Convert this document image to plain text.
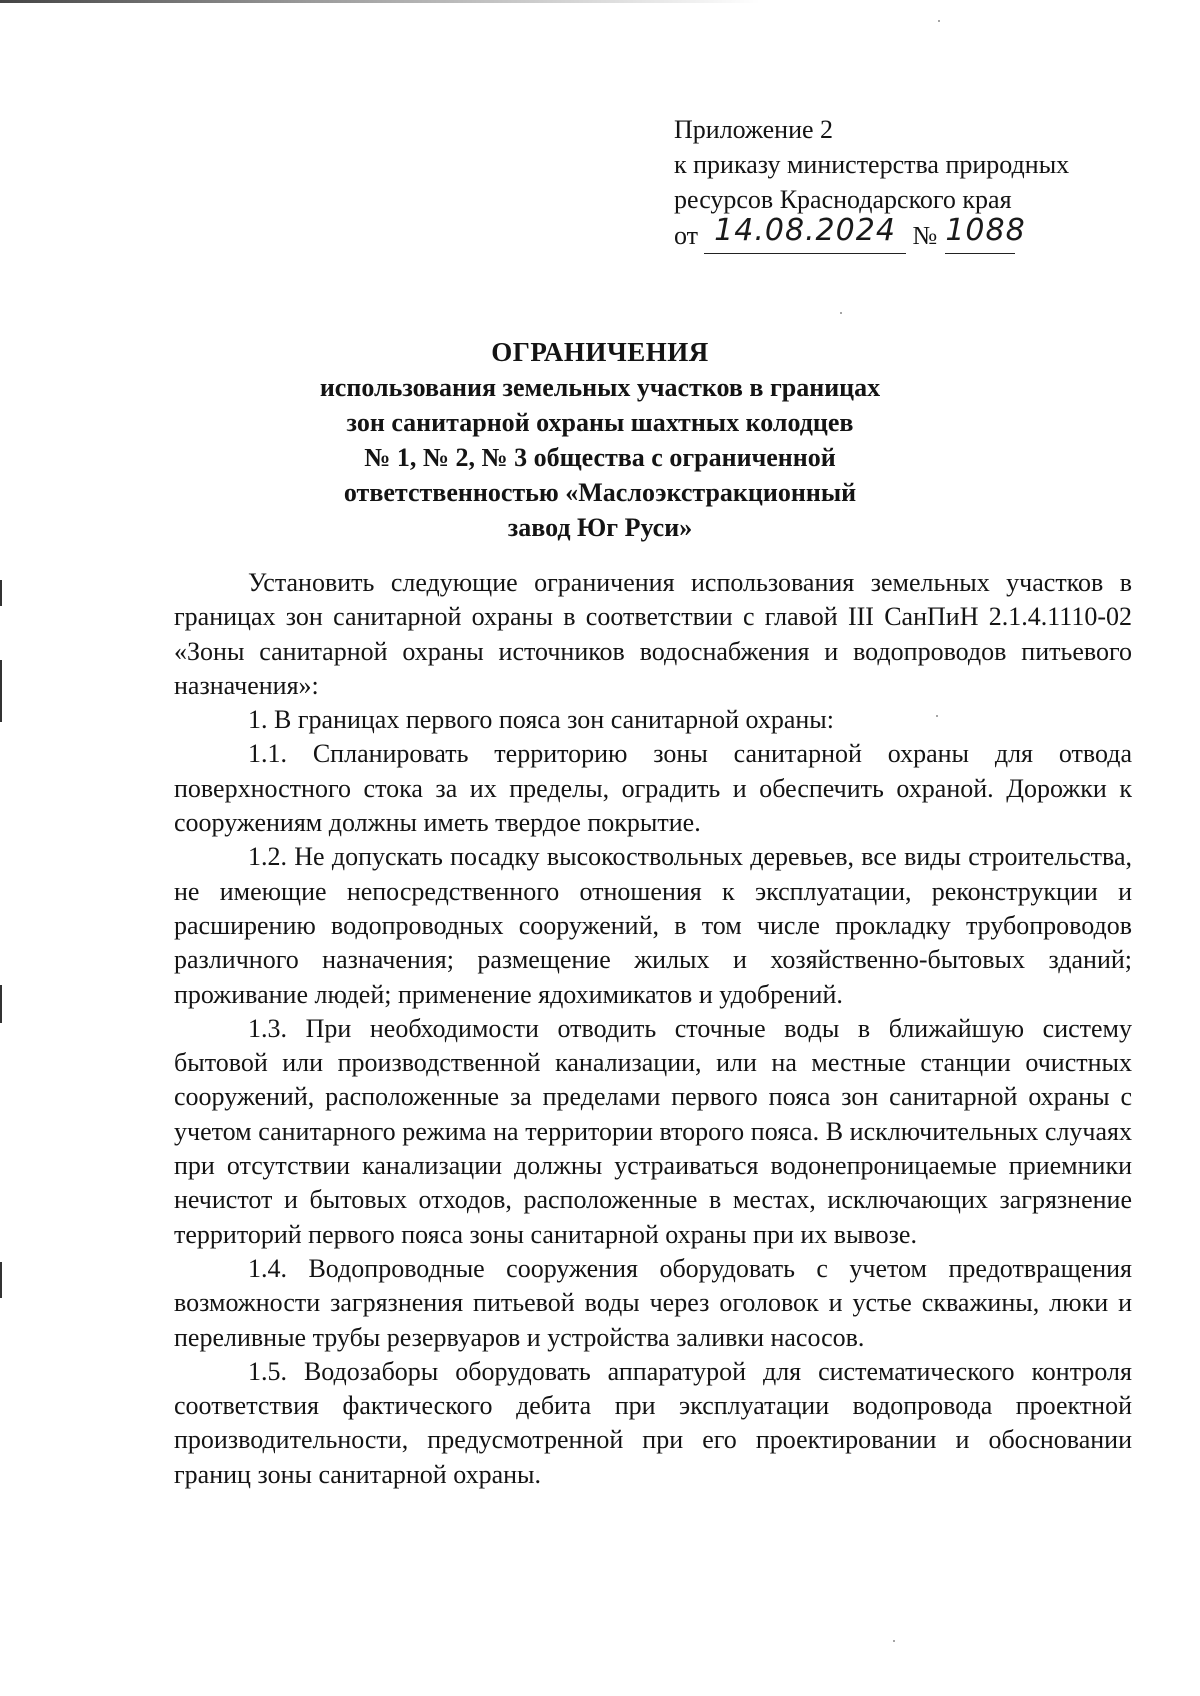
Приложение 2
к приказу министерства природных
ресурсов Краснодарского края
от 14.08.2024 № 1088
ОГРАНИЧЕНИЯ
использования земельных участков в границах
зон санитарной охраны шахтных колодцев
№ 1, № 2, № 3 общества с ограниченной
ответственностью «Маслоэкстракционный
завод Юг Руси»

Установить следующие ограничения использования земельных участков в границах зон санитарной охраны в соответствии с главой III СанПиН 2.1.4.1110-02 «Зоны санитарной охраны источников водоснабжения и водопроводов питьевого назначения»:

1. В границах первого пояса зон санитарной охраны:

1.1. Спланировать территорию зоны санитарной охраны для отвода поверхностного стока за их пределы, оградить и обеспечить охраной. Дорожки к сооружениям должны иметь твердое покрытие.

1.2. Не допускать посадку высокоствольных деревьев, все виды строительства, не имеющие непосредственного отношения к эксплуатации, реконструкции и расширению водопроводных сооружений, в том числе прокладку трубопроводов различного назначения; размещение жилых и хозяйственно-бытовых зданий; проживание людей; применение ядохимикатов и удобрений.

1.3. При необходимости отводить сточные воды в ближайшую систему бытовой или производственной канализации, или на местные станции очистных сооружений, расположенные за пределами первого пояса зон санитарной охраны с учетом санитарного режима на территории второго пояса. В исключительных случаях при отсутствии канализации должны устраиваться водонепроницаемые приемники нечистот и бытовых отходов, расположенные в местах, исключающих загрязнение территорий первого пояса зоны санитарной охраны при их вывозе.

1.4. Водопроводные сооружения оборудовать с учетом предотвращения возможности загрязнения питьевой воды через оголовок и устье скважины, люки и переливные трубы резервуаров и устройства заливки насосов.

1.5. Водозаборы оборудовать аппаратурой для систематического контроля соответствия фактического дебита при эксплуатации водопровода проектной производительности, предусмотренной при его проектировании и обосновании границ зоны санитарной охраны.
